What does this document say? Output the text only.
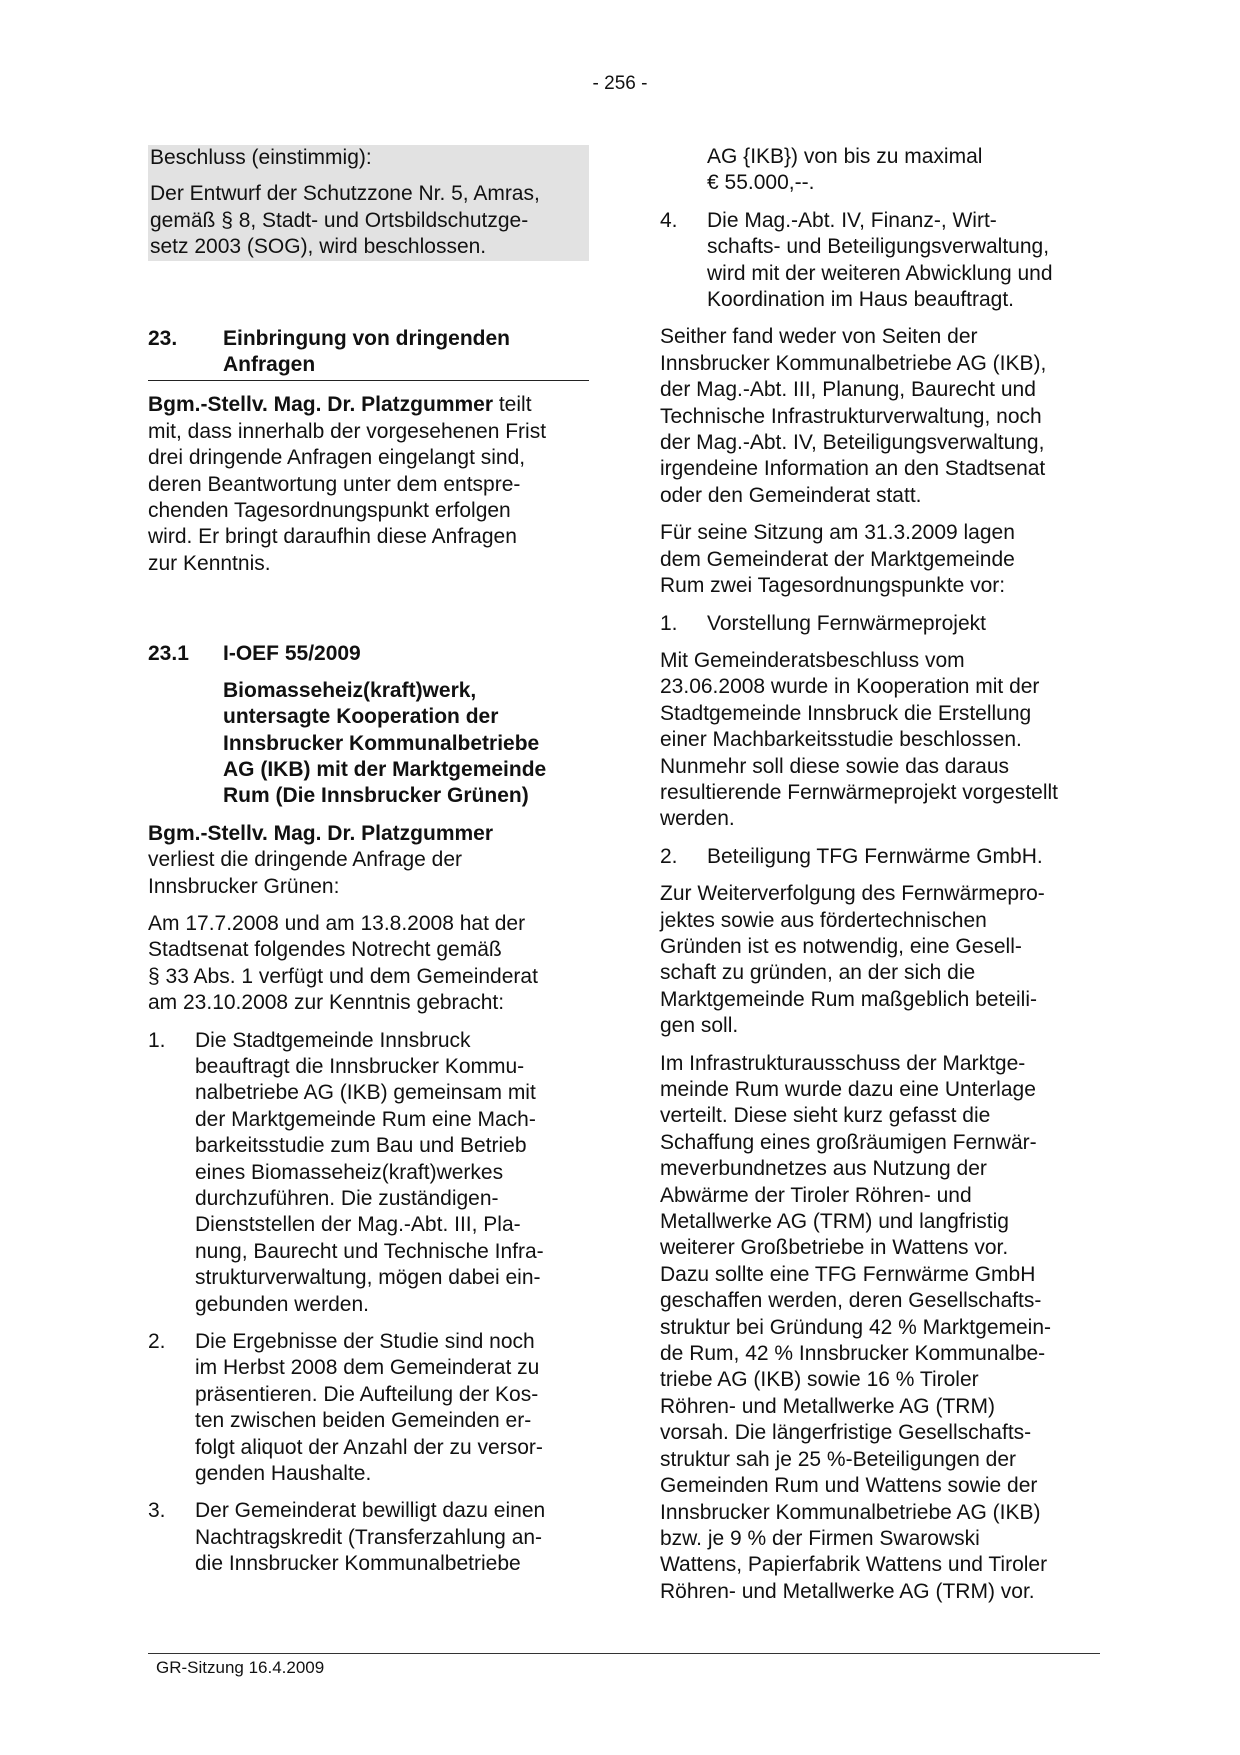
- 256 -

Beschluss (einstimmig):

Der Entwurf der Schutzzone Nr. 5, Amras,
gemäß § 8, Stadt- und Ortsbildschutzge-
setz 2003 (SOG), wird beschlossen.

23.	Einbringung von dringenden
Anfragen

Bgm.-Stellv. Mag. Dr. Platzgummer teilt
mit, dass innerhalb der vorgesehenen Frist
drei dringende Anfragen eingelangt sind,
deren Beantwortung unter dem entspre-
chenden Tagesordnungspunkt erfolgen
wird. Er bringt daraufhin diese Anfragen
zur Kenntnis.

23.1	I-OEF 55/2009
Biomasseheiz(kraft)werk,
untersagte Kooperation der
Innsbrucker Kommunalbetriebe
AG (IKB) mit der Marktgemeinde
Rum (Die Innsbrucker Grünen)

Bgm.-Stellv. Mag. Dr. Platzgummer
verliest die dringende Anfrage der
Innsbrucker Grünen:

Am 17.7.2008 und am 13.8.2008 hat der
Stadtsenat folgendes Notrecht gemäß
§ 33 Abs. 1 verfügt und dem Gemeinderat
am 23.10.2008 zur Kenntnis gebracht:

1.	Die Stadtgemeinde Innsbruck
beauftragt die Innsbrucker Kommu-
nalbetriebe AG (IKB) gemeinsam mit
der Marktgemeinde Rum eine Mach-
barkeitsstudie zum Bau und Betrieb
eines Biomasseheiz(kraft)werkes
durchzuführen. Die zuständigen-
Dienststellen der Mag.-Abt. III, Pla-
nung, Baurecht und Technische Infra-
strukturverwaltung, mögen dabei ein-
gebunden werden.
2.	Die Ergebnisse der Studie sind noch
im Herbst 2008 dem Gemeinderat zu
präsentieren. Die Aufteilung der Kos-
ten zwischen beiden Gemeinden er-
folgt aliquot der Anzahl der zu versor-
genden Haushalte.
3.	Der Gemeinderat bewilligt dazu einen
Nachtragskredit (Transferzahlung an-
die Innsbrucker Kommunalbetriebe
AG {IKB}) von bis zu maximal
€ 55.000,--.
4.	Die Mag.-Abt. IV, Finanz-, Wirt-
schafts- und Beteiligungsverwaltung,
wird mit der weiteren Abwicklung und
Koordination im Haus beauftragt.

Seither fand weder von Seiten der
Innsbrucker Kommunalbetriebe AG (IKB),
der Mag.-Abt. III, Planung, Baurecht und
Technische Infrastrukturverwaltung, noch
der Mag.-Abt. IV, Beteiligungsverwaltung,
irgendeine Information an den Stadtsenat
oder den Gemeinderat statt.

Für seine Sitzung am 31.3.2009 lagen
dem Gemeinderat der Marktgemeinde
Rum zwei Tagesordnungspunkte vor:

1.	Vorstellung Fernwärmeprojekt

Mit Gemeinderatsbeschluss vom
23.06.2008 wurde in Kooperation mit der
Stadtgemeinde Innsbruck die Erstellung
einer Machbarkeitsstudie beschlossen.
Nunmehr soll diese sowie das daraus
resultierende Fernwärmeprojekt vorgestellt
werden.

2.	Beteiligung TFG Fernwärme GmbH.

Zur Weiterverfolgung des Fernwärmepro-
jektes sowie aus fördertechnischen
Gründen ist es notwendig, eine Gesell-
schaft zu gründen, an der sich die
Marktgemeinde Rum maßgeblich beteili-
gen soll.

Im Infrastrukturausschuss der Marktge-
meinde Rum wurde dazu eine Unterlage
verteilt. Diese sieht kurz gefasst die
Schaffung eines großräumigen Fernwär-
meverbundnetzes aus Nutzung der
Abwärme der Tiroler Röhren- und
Metallwerke AG (TRM) und langfristig
weiterer Großbetriebe in Wattens vor.
Dazu sollte eine TFG Fernwärme GmbH
geschaffen werden, deren Gesellschafts-
struktur bei Gründung 42 % Marktgemein-
de Rum, 42 % Innsbrucker Kommunalbe-
triebe AG (IKB) sowie 16 % Tiroler
Röhren- und Metallwerke AG (TRM)
vorsah. Die längerfristige Gesellschafts-
struktur sah je 25 %-Beteiligungen der
Gemeinden Rum und Wattens sowie der
Innsbrucker Kommunalbetriebe AG (IKB)
bzw. je 9 % der Firmen Swarowski
Wattens, Papierfabrik Wattens und Tiroler
Röhren- und Metallwerke AG (TRM) vor.

GR-Sitzung 16.4.2009
